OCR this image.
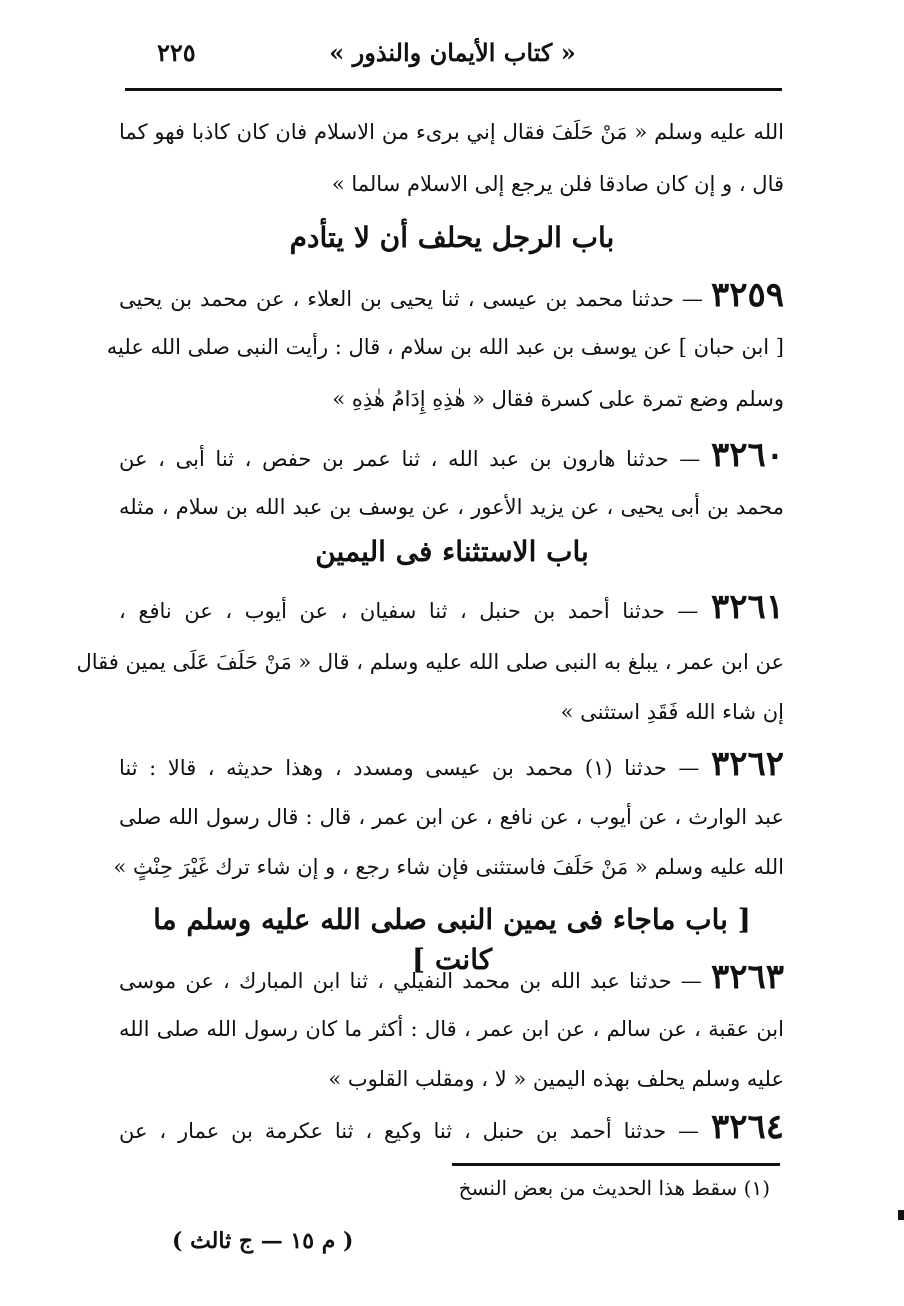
« كتاب الأيمان والنذور »
٢٢٥
الله عليه وسلم « مَنْ حَلَفَ فقال إني برىء من الاسلام فان كان كاذبا فهو كما
قال ، و إن كان صادقا فلن يرجع إلى الاسلام سالما »
باب الرجل يحلف أن لا يتأدم
٣٢٥٩ — حدثنا محمد بن عيسى ، ثنا يحيى بن العلاء ، عن محمد بن يحيى
[ ابن حبان ] عن يوسف بن عبد الله بن سلام ، قال : رأيت النبى صلى الله عليه
وسلم وضع تمرة على كسرة فقال « هٰذِهِ إِدَامُ هٰذِهِ »
٣٢٦٠ — حدثنا هارون بن عبد الله ، ثنا عمر بن حفص ، ثنا أبى ، عن
محمد بن أبى يحيى ، عن يزيد الأعور ، عن يوسف بن عبد الله بن سلام ، مثله
باب الاستثناء فى اليمين
٣٢٦١ — حدثنا أحمد بن حنبل ، ثنا سفيان ، عن أيوب ، عن نافع ،
عن ابن عمر ، يبلغ به النبى صلى الله عليه وسلم ، قال « مَنْ حَلَفَ عَلَى يمين فقال
إن شاء الله فَقَدِ استثنى »
٣٢٦٢ — حدثنا (١) محمد بن عيسى ومسدد ، وهذا حديثه ، قالا : ثنا
عبد الوارث ، عن أيوب ، عن نافع ، عن ابن عمر ، قال : قال رسول الله صلى
الله عليه وسلم « مَنْ حَلَفَ فاستثنى فإن شاء رجع ، و إن شاء ترك غَيْرَ حِنْثٍ »
[ باب ماجاء فى يمين النبى صلى الله عليه وسلم ما كانت ]	٣٢٦٣ — حدثنا عبد الله بن محمد النفيلي ، ثنا ابن المبارك ، عن موسى
ابن عقبة ، عن سالم ، عن ابن عمر ، قال : أكثر ما كان رسول الله صلى الله
عليه وسلم يحلف بهذه اليمين « لا ، ومقلب القلوب »
٣٢٦٤ — حدثنا أحمد بن حنبل ، ثنا وكيع ، ثنا عكرمة بن عمار ، عن
(١) سقط هذا الحديث من بعض النسخ
( م ١٥ — ج ثالث )
